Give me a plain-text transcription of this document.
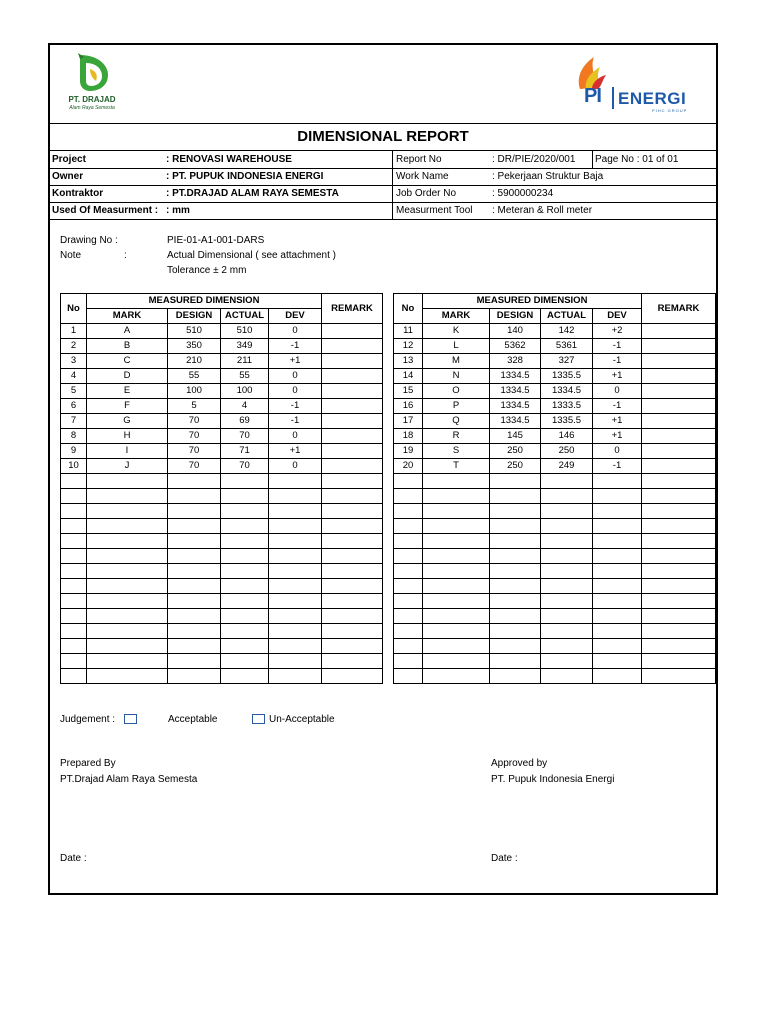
PT. DRAJAD
Alam Raya Semesta
PI ENERGI
PIHC GROUP
DIMENSIONAL REPORT
Project	: RENOVASI WAREHOUSE	Report No	: DR/PIE/2020/001 Page No : 01 of 01
Owner	: PT. PUPUK INDONESIA ENERGI	Work Name	: Pekerjaan Struktur Baja
Kontraktor	: PT.DRAJAD ALAM RAYA SEMESTA	Job Order No	: 5900000234
Used Of Measurment : : mm	Measurment Tool : Meteran & Roll meter
Drawing No :	PIE-01-A1-001-DARS
Note	:	Actual Dimensional ( see attachment )
Tolerance ± 2 mm
No	MEASURED DIMENSION				REMARK
	MARK	DESIGN	ACTUAL	DEV	
1	A	510	510	0	
2	B	350	349	-1	
3	C	210	211	+1	
4	D	55	55	0	
5	E	100	100	0	
6	F	5	4	-1	
7	G	70	69	-1	
8	H	70	70	0	
9	I	70	71	+1	
10	J	70	70	0	

No	MEASURED DIMENSION				REMARK
	MARK	DESIGN	ACTUAL	DEV	
11	K	140	142	+2	
12	L	5362	5361	-1	
13	M	328	327	-1	
14	N	1334.5	1335.5	+1	
15	O	1334.5	1334.5	0	
16	P	1334.5	1333.5	-1	
17	Q	1334.5	1335.5	+1	
18	R	145	146	+1	
19	S	250	250	0	
20	T	250	249	-1	

Judgement :	Acceptable	Un-Acceptable
Prepared By
PT.Drajad Alam Raya Semesta
Approved by
PT. Pupuk Indonesia Energi
Date :	Date :
